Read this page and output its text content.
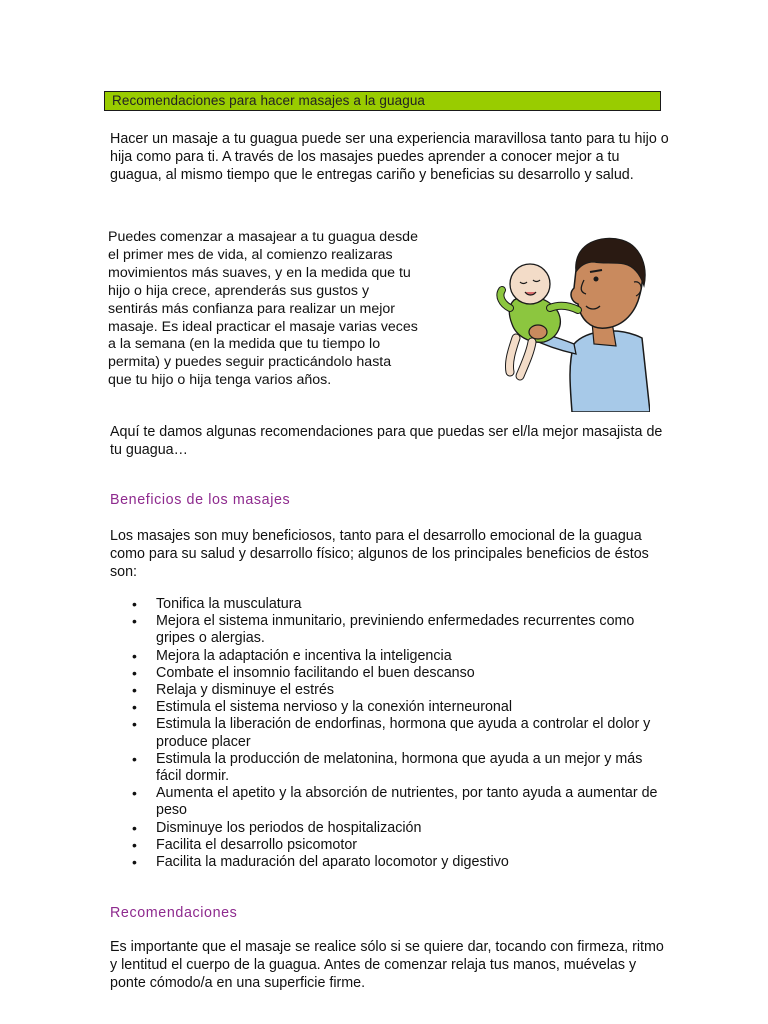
Recomendaciones para hacer masajes a la guagua

Hacer un masaje a tu guagua puede ser una experiencia maravillosa tanto para tu hijo o hija como para ti. A través de los masajes puedes aprender a conocer mejor a tu guagua, al mismo tiempo que le entregas cariño y beneficias su desarrollo y salud.

Puedes comenzar a masajear a tu guagua desde
el primer mes de vida, al comienzo realizaras
movimientos más suaves, y en la medida que tu
hijo o hija crece, aprenderás sus gustos y
sentirás más confianza para realizar un mejor
masaje. Es ideal practicar el masaje varias veces
a la semana (en la medida que tu tiempo lo
permita) y puedes seguir practicándolo hasta
que tu hijo o hija tenga varios años.

Aquí te damos algunas recomendaciones para que puedas ser el/la mejor masajista de tu guagua…

Beneficios de los masajes

Los masajes son muy beneficiosos, tanto para el desarrollo emocional de la guagua como para su salud y desarrollo físico; algunos de los principales beneficios de éstos son:

• Tonifica la musculatura
• Mejora el sistema inmunitario, previniendo enfermedades recurrentes como gripes o alergias.
• Mejora la adaptación e incentiva la inteligencia
• Combate el insomnio facilitando el buen descanso
• Relaja y disminuye el estrés
• Estimula el sistema nervioso y la conexión interneuronal
• Estimula la liberación de endorfinas, hormona que ayuda a controlar el dolor y produce placer
• Estimula la producción de melatonina, hormona que ayuda a un mejor y más fácil dormir.
• Aumenta el apetito y la absorción de nutrientes, por tanto ayuda a aumentar de peso
• Disminuye los periodos de hospitalización
• Facilita el desarrollo psicomotor
• Facilita la maduración del aparato locomotor y digestivo
Recomendaciones

Es importante que el masaje se realice sólo si se quiere dar, tocando con firmeza, ritmo y lentitud el cuerpo de la guagua. Antes de comenzar relaja tus manos, muévelas y ponte cómodo/a en una superficie firme.
